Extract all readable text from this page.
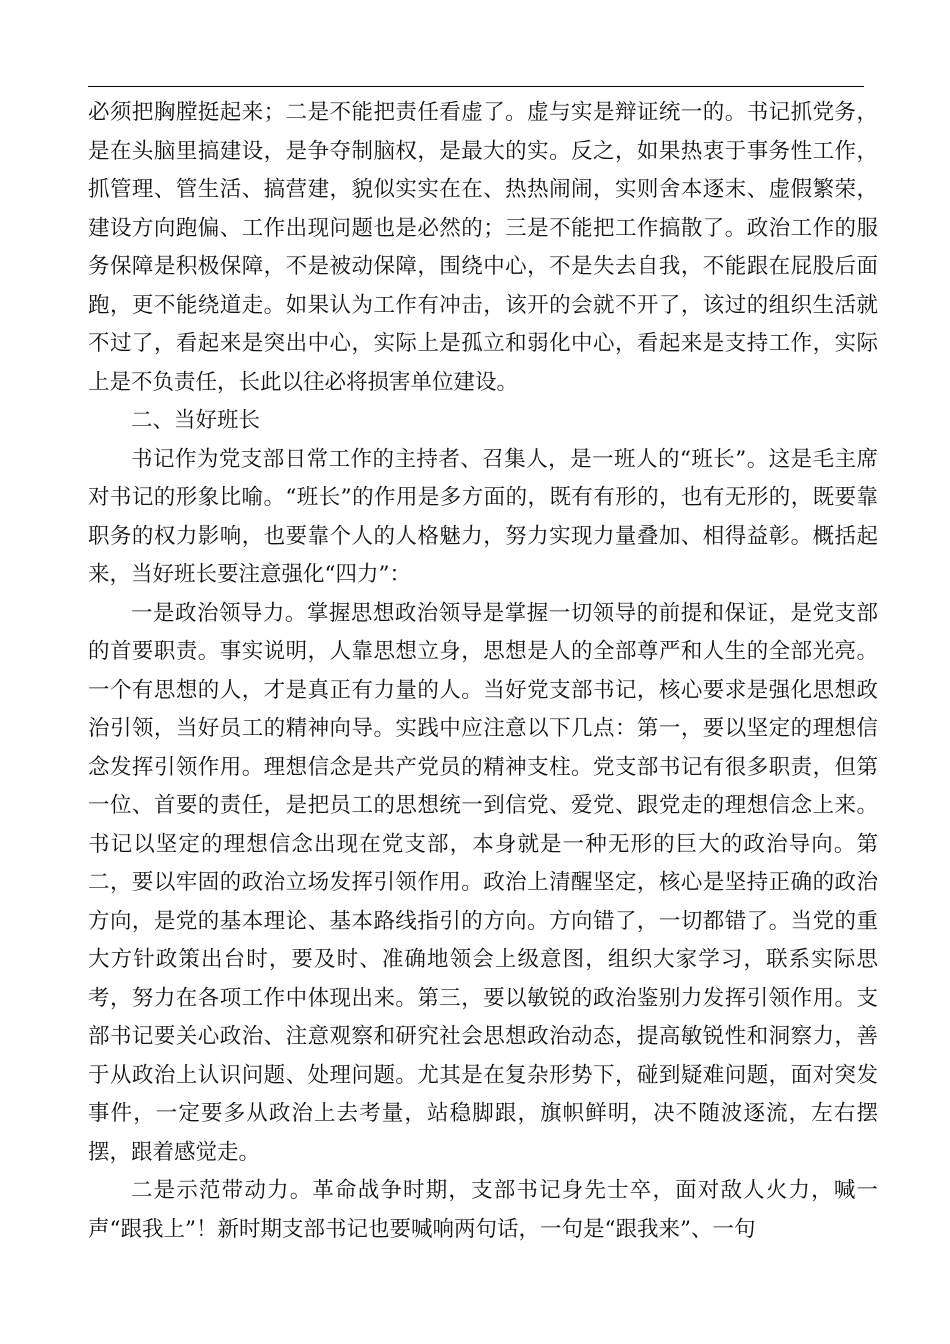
必须把胸膛挺起来；二是不能把责任看虚了。虚与实是辩证统一的。书记抓党务，是在头脑里搞建设，是争夺制脑权，是最大的实。反之，如果热衷于事务性工作，抓管理、管生活、搞营建，貌似实实在在、热热闹闹，实则舍本逐末、虚假繁荣，建设方向跑偏、工作出现问题也是必然的；三是不能把工作搞散了。政治工作的服务保障是积极保障，不是被动保障，围绕中心，不是失去自我，不能跟在屁股后面跑，更不能绕道走。如果认为工作有冲击，该开的会就不开了，该过的组织生活就不过了，看起来是突出中心，实际上是孤立和弱化中心，看起来是支持工作，实际上是不负责任，长此以往必将损害单位建设。

二、当好班长

书记作为党支部日常工作的主持者、召集人，是一班人的“班长”。这是毛主席对书记的形象比喻。“班长”的作用是多方面的，既有有形的，也有无形的，既要靠职务的权力影响，也要靠个人的人格魅力，努力实现力量叠加、相得益彰。概括起来，当好班长要注意强化“四力”：

一是政治领导力。掌握思想政治领导是掌握一切领导的前提和保证，是党支部的首要职责。事实说明，人靠思想立身，思想是人的全部尊严和人生的全部光亮。一个有思想的人，才是真正有力量的人。当好党支部书记，核心要求是强化思想政治引领，当好员工的精神向导。实践中应注意以下几点：第一，要以坚定的理想信念发挥引领作用。理想信念是共产党员的精神支柱。党支部书记有很多职责，但第一位、首要的责任，是把员工的思想统一到信党、爱党、跟党走的理想信念上来。书记以坚定的理想信念出现在党支部，本身就是一种无形的巨大的政治导向。第二，要以牢固的政治立场发挥引领作用。政治上清醒坚定，核心是坚持正确的政治方向，是党的基本理论、基本路线指引的方向。方向错了，一切都错了。当党的重大方针政策出台时，要及时、准确地领会上级意图，组织大家学习，联系实际思考，努力在各项工作中体现出来。第三，要以敏锐的政治鉴别力发挥引领作用。支部书记要关心政治、注意观察和研究社会思想政治动态，提高敏锐性和洞察力，善于从政治上认识问题、处理问题。尤其是在复杂形势下，碰到疑难问题，面对突发事件，一定要多从政治上去考量，站稳脚跟，旗帜鲜明，决不随波逐流，左右摆摆，跟着感觉走。

二是示范带动力。革命战争时期，支部书记身先士卒，面对敌人火力，喊一声“跟我上”！新时期支部书记也要喊响两句话，一句是“跟我来”、一句
